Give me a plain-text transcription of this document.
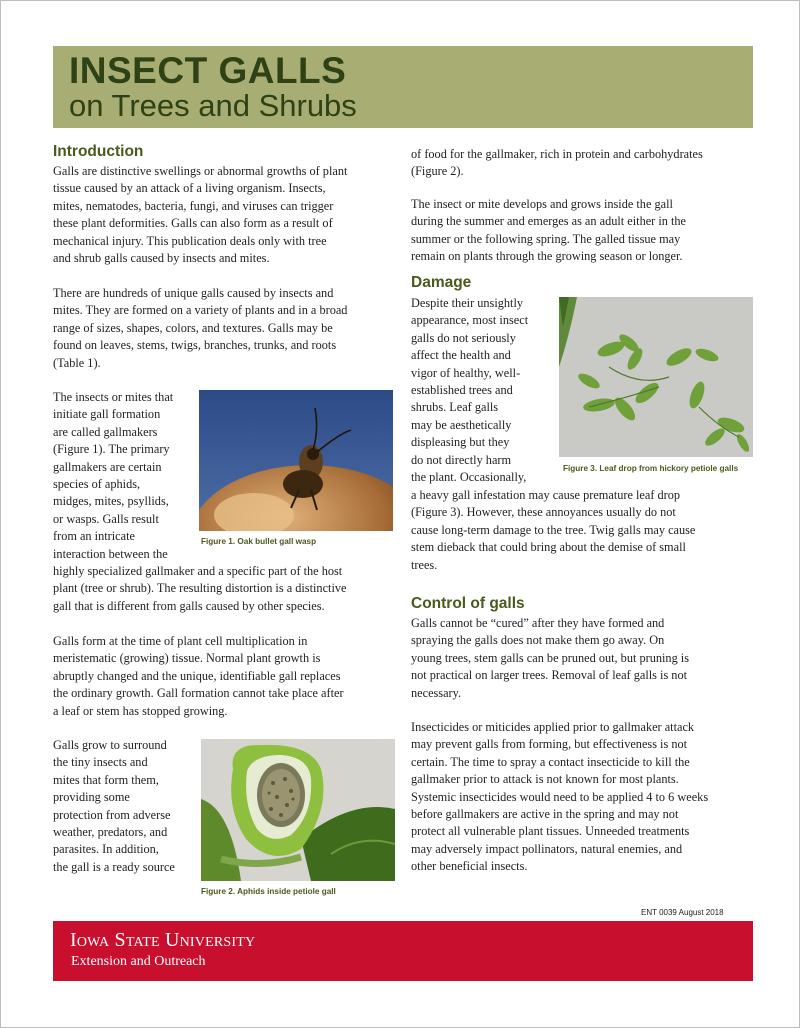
INSECT GALLS
on Trees and Shrubs
Introduction
Galls are distinctive swellings or abnormal growths of plant
tissue caused by an attack of a living organism. Insects,
mites, nematodes, bacteria, fungi, and viruses can trigger
these plant deformities. Galls can also form as a result of
mechanical injury. This publication deals only with tree
and shrub galls caused by insects and mites.
There are hundreds of unique galls caused by insects and
mites. They are formed on a variety of plants and in a broad
range of sizes, shapes, colors, and textures. Galls may be
found on leaves, stems, twigs, branches, trunks, and roots
(Table 1).
The insects or mites that
initiate gall formation
are called gallmakers
(Figure 1). The primary
gallmakers are certain
species of aphids,
midges, mites, psyllids,
or wasps. Galls result
from an intricate
interaction between the
highly specialized gallmaker and a specific part of the host
plant (tree or shrub). The resulting distortion is a distinctive
gall that is different from galls caused by other species.
Galls form at the time of plant cell multiplication in
meristematic (growing) tissue. Normal plant growth is
abruptly changed and the unique, identifiable gall replaces
the ordinary growth. Gall formation cannot take place after
a leaf or stem has stopped growing.
Galls grow to surround
the tiny insects and
mites that form them,
providing some
protection from adverse
weather, predators, and
parasites. In addition,
the gall is a ready source
Figure 1. Oak bullet gall wasp
Figure 2. Aphids inside petiole gall
of food for the gallmaker, rich in protein and carbohydrates
(Figure 2).
The insect or mite develops and grows inside the gall
during the summer and emerges as an adult either in the
summer or the following spring. The galled tissue may
remain on plants through the growing season or longer.
Damage
Despite their unsightly
appearance, most insect
galls do not seriously
affect the health and
vigor of healthy, well-
established trees and
shrubs. Leaf galls
may be aesthetically
displeasing but they
do not directly harm
the plant. Occasionally,
a heavy gall infestation may cause premature leaf drop
(Figure 3). However, these annoyances usually do not
cause long-term damage to the tree. Twig galls may cause
stem dieback that could bring about the demise of small
trees.
Figure 3. Leaf drop from hickory petiole galls
Control of galls
Galls cannot be “cured” after they have formed and
spraying the galls does not make them go away. On
young trees, stem galls can be pruned out, but pruning is
not practical on larger trees. Removal of leaf galls is not
necessary.
Insecticides or miticides applied prior to gallmaker attack
may prevent galls from forming, but effectiveness is not
certain. The time to spray a contact insecticide to kill the
gallmaker prior to attack is not known for most plants.
Systemic insecticides would need to be applied 4 to 6 weeks
before gallmakers are active in the spring and may not
protect all vulnerable plant tissues. Unneeded treatments
may adversely impact pollinators, natural enemies, and
other beneficial insects.
ENT 0039 August 2018
Iowa State University
Extension and Outreach
